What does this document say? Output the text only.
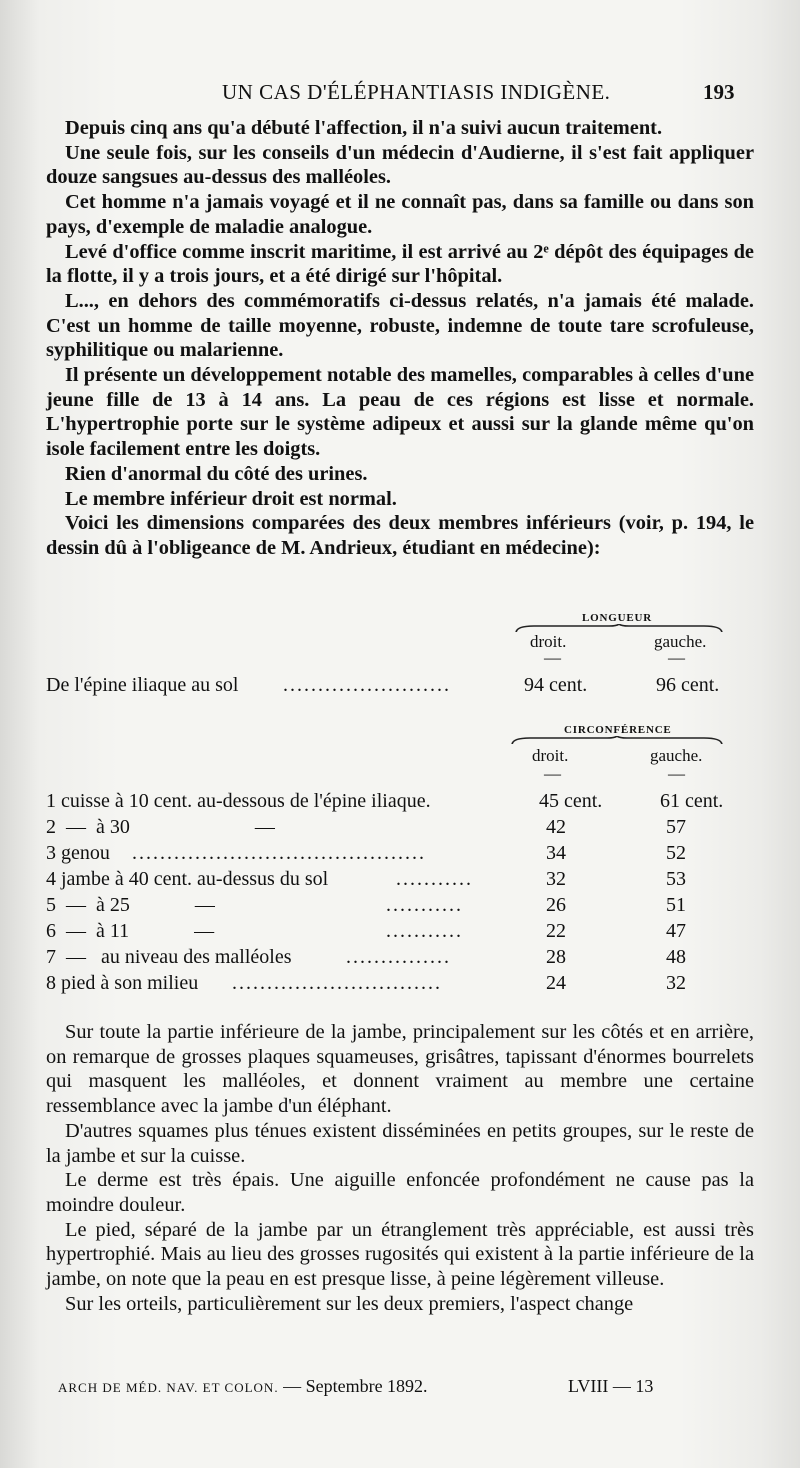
UN CAS D'ÉLÉPHANTIASIS INDIGÈNE.	193

Depuis cinq ans qu'a débuté l'affection, il n'a suivi aucun traitement.

Une seule fois, sur les conseils d'un médecin d'Audierne, il s'est fait appliquer douze sangsues au-dessus des malléoles.

Cet homme n'a jamais voyagé et il ne connaît pas, dans sa famille ou dans son pays, d'exemple de maladie analogue.

Levé d'office comme inscrit maritime, il est arrivé au 2ᵉ dépôt des équipages de la flotte, il y a trois jours, et a été dirigé sur l'hôpital.

L..., en dehors des commémoratifs ci-dessus relatés, n'a jamais été malade. C'est un homme de taille moyenne, robuste, indemne de toute tare scrofuleuse, syphilitique ou malarienne.

Il présente un développement notable des mamelles, comparables à celles d'une jeune fille de 13 à 14 ans. La peau de ces régions est lisse et normale. L'hypertrophie porte sur le système adipeux et aussi sur la glande même qu'on isole facilement entre les doigts.

Rien d'anormal du côté des urines.

Le membre inférieur droit est normal.

Voici les dimensions comparées des deux membres inférieurs (voir, p. 194, le dessin dû à l'obligeance de M. Andrieux, étudiant en médecine):

LONGUEUR
droit.	gauche.
—	—
De l'épine iliaque au sol ........................	94 cent.	96 cent.
CIRCONFÉRENCE
droit.	gauche.
—	—
1 cuisse à 10 cent. au-dessous de l'épine iliaque.	45 cent.	61 cent.
2  —  à 30                         —	42	57
3 genou ..........................................	34	52
4 jambe à 40 cent. au-dessus du sol	...........	32	53
5  —  à 25             —	...........	26	51
6  —  à 11             —	...........	22	47
7  —   au niveau des malléoles	...............	28	48
8 pied à son milieu ..............................	24	32

Sur toute la partie inférieure de la jambe, principalement sur les côtés et en arrière, on remarque de grosses plaques squameuses, grisâtres, tapissant d'énormes bourrelets qui masquent les malléoles, et donnent vraiment au membre une certaine ressemblance avec la jambe d'un éléphant.

D'autres squames plus ténues existent disséminées en petits groupes, sur le reste de la jambe et sur la cuisse.

Le derme est très épais. Une aiguille enfoncée profondément ne cause pas la moindre douleur.

Le pied, séparé de la jambe par un étranglement très appréciable, est aussi très hypertrophié. Mais au lieu des grosses rugosités qui existent à la partie inférieure de la jambe, on note que la peau en est presque lisse, à peine légèrement villeuse.

Sur les orteils, particulièrement sur les deux premiers, l'aspect change

ARCH DE MÉD. NAV. ET COLON. — Septembre 1892.	LVIII — 13
